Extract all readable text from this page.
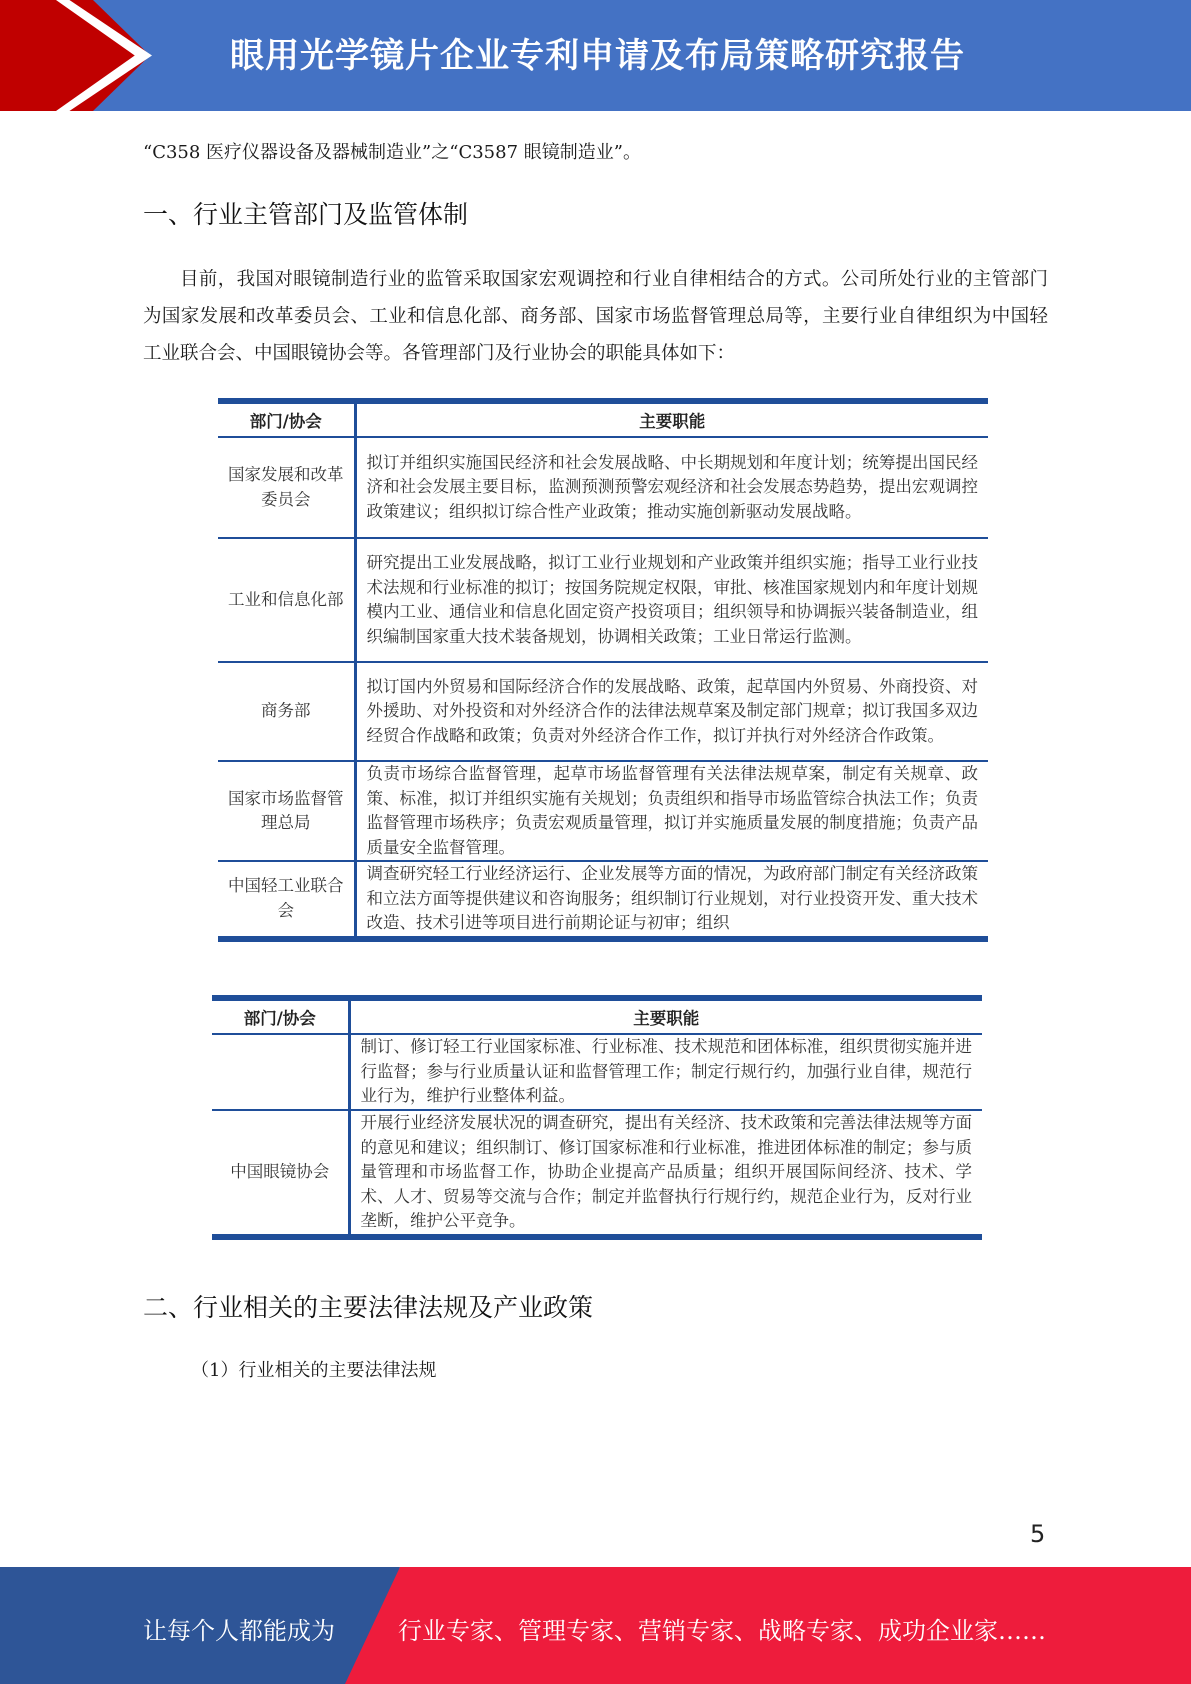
眼用光学镜片企业专利申请及布局策略研究报告
“C358 医疗仪器设备及器械制造业”之“C3587 眼镜制造业”。
一、行业主管部门及监管体制
目前，我国对眼镜制造行业的监管采取国家宏观调控和行业自律相结合的方式。公司所处行业的主管部门为国家发展和改革委员会、工业和信息化部、商务部、国家市场监督管理总局等，主要行业自律组织为中国轻工业联合会、中国眼镜协会等。各管理部门及行业协会的职能具体如下：
部门/协会	主要职能
国家发展和改革委员会	拟订并组织实施国民经济和社会发展战略、中长期规划和年度计划；统筹提出国民经济和社会发展主要目标，监测预测预警宏观经济和社会发展态势趋势，提出宏观调控政策建议；组织拟订综合性产业政策；推动实施创新驱动发展战略。
工业和信息化部	研究提出工业发展战略，拟订工业行业规划和产业政策并组织实施；指导工业行业技术法规和行业标准的拟订；按国务院规定权限，审批、核准国家规划内和年度计划规模内工业、通信业和信息化固定资产投资项目；组织领导和协调振兴装备制造业，组织编制国家重大技术装备规划，协调相关政策；工业日常运行监测。
商务部	拟订国内外贸易和国际经济合作的发展战略、政策，起草国内外贸易、外商投资、对外援助、对外投资和对外经济合作的法律法规草案及制定部门规章；拟订我国多双边经贸合作战略和政策；负责对外经济合作工作，拟订并执行对外经济合作政策。
国家市场监督管理总局	负责市场综合监督管理，起草市场监督管理有关法律法规草案，制定有关规章、政策、标准，拟订并组织实施有关规划；负责组织和指导市场监管综合执法工作；负责监督管理市场秩序；负责宏观质量管理，拟订并实施质量发展的制度措施；负责产品质量安全监督管理。
中国轻工业联合会	调查研究轻工行业经济运行、企业发展等方面的情况，为政府部门制定有关经济政策和立法方面等提供建议和咨询服务；组织制订行业规划，对行业投资开发、重大技术改造、技术引进等项目进行前期论证与初审；组织
部门/协会	主要职能
	制订、修订轻工行业国家标准、行业标准、技术规范和团体标准，组织贯彻实施并进行监督；参与行业质量认证和监督管理工作；制定行规行约，加强行业自律，规范行业行为，维护行业整体利益。
中国眼镜协会	开展行业经济发展状况的调查研究，提出有关经济、技术政策和完善法律法规等方面的意见和建议；组织制订、修订国家标准和行业标准，推进团体标准的制定；参与质量管理和市场监督工作，协助企业提高产品质量；组织开展国际间经济、技术、学术、人才、贸易等交流与合作；制定并监督执行行规行约，规范企业行为，反对行业垄断，维护公平竞争。
二、行业相关的主要法律法规及产业政策
（1）行业相关的主要法律法规
5
让每个人都能成为	行业专家、管理专家、营销专家、战略专家、成功企业家……
